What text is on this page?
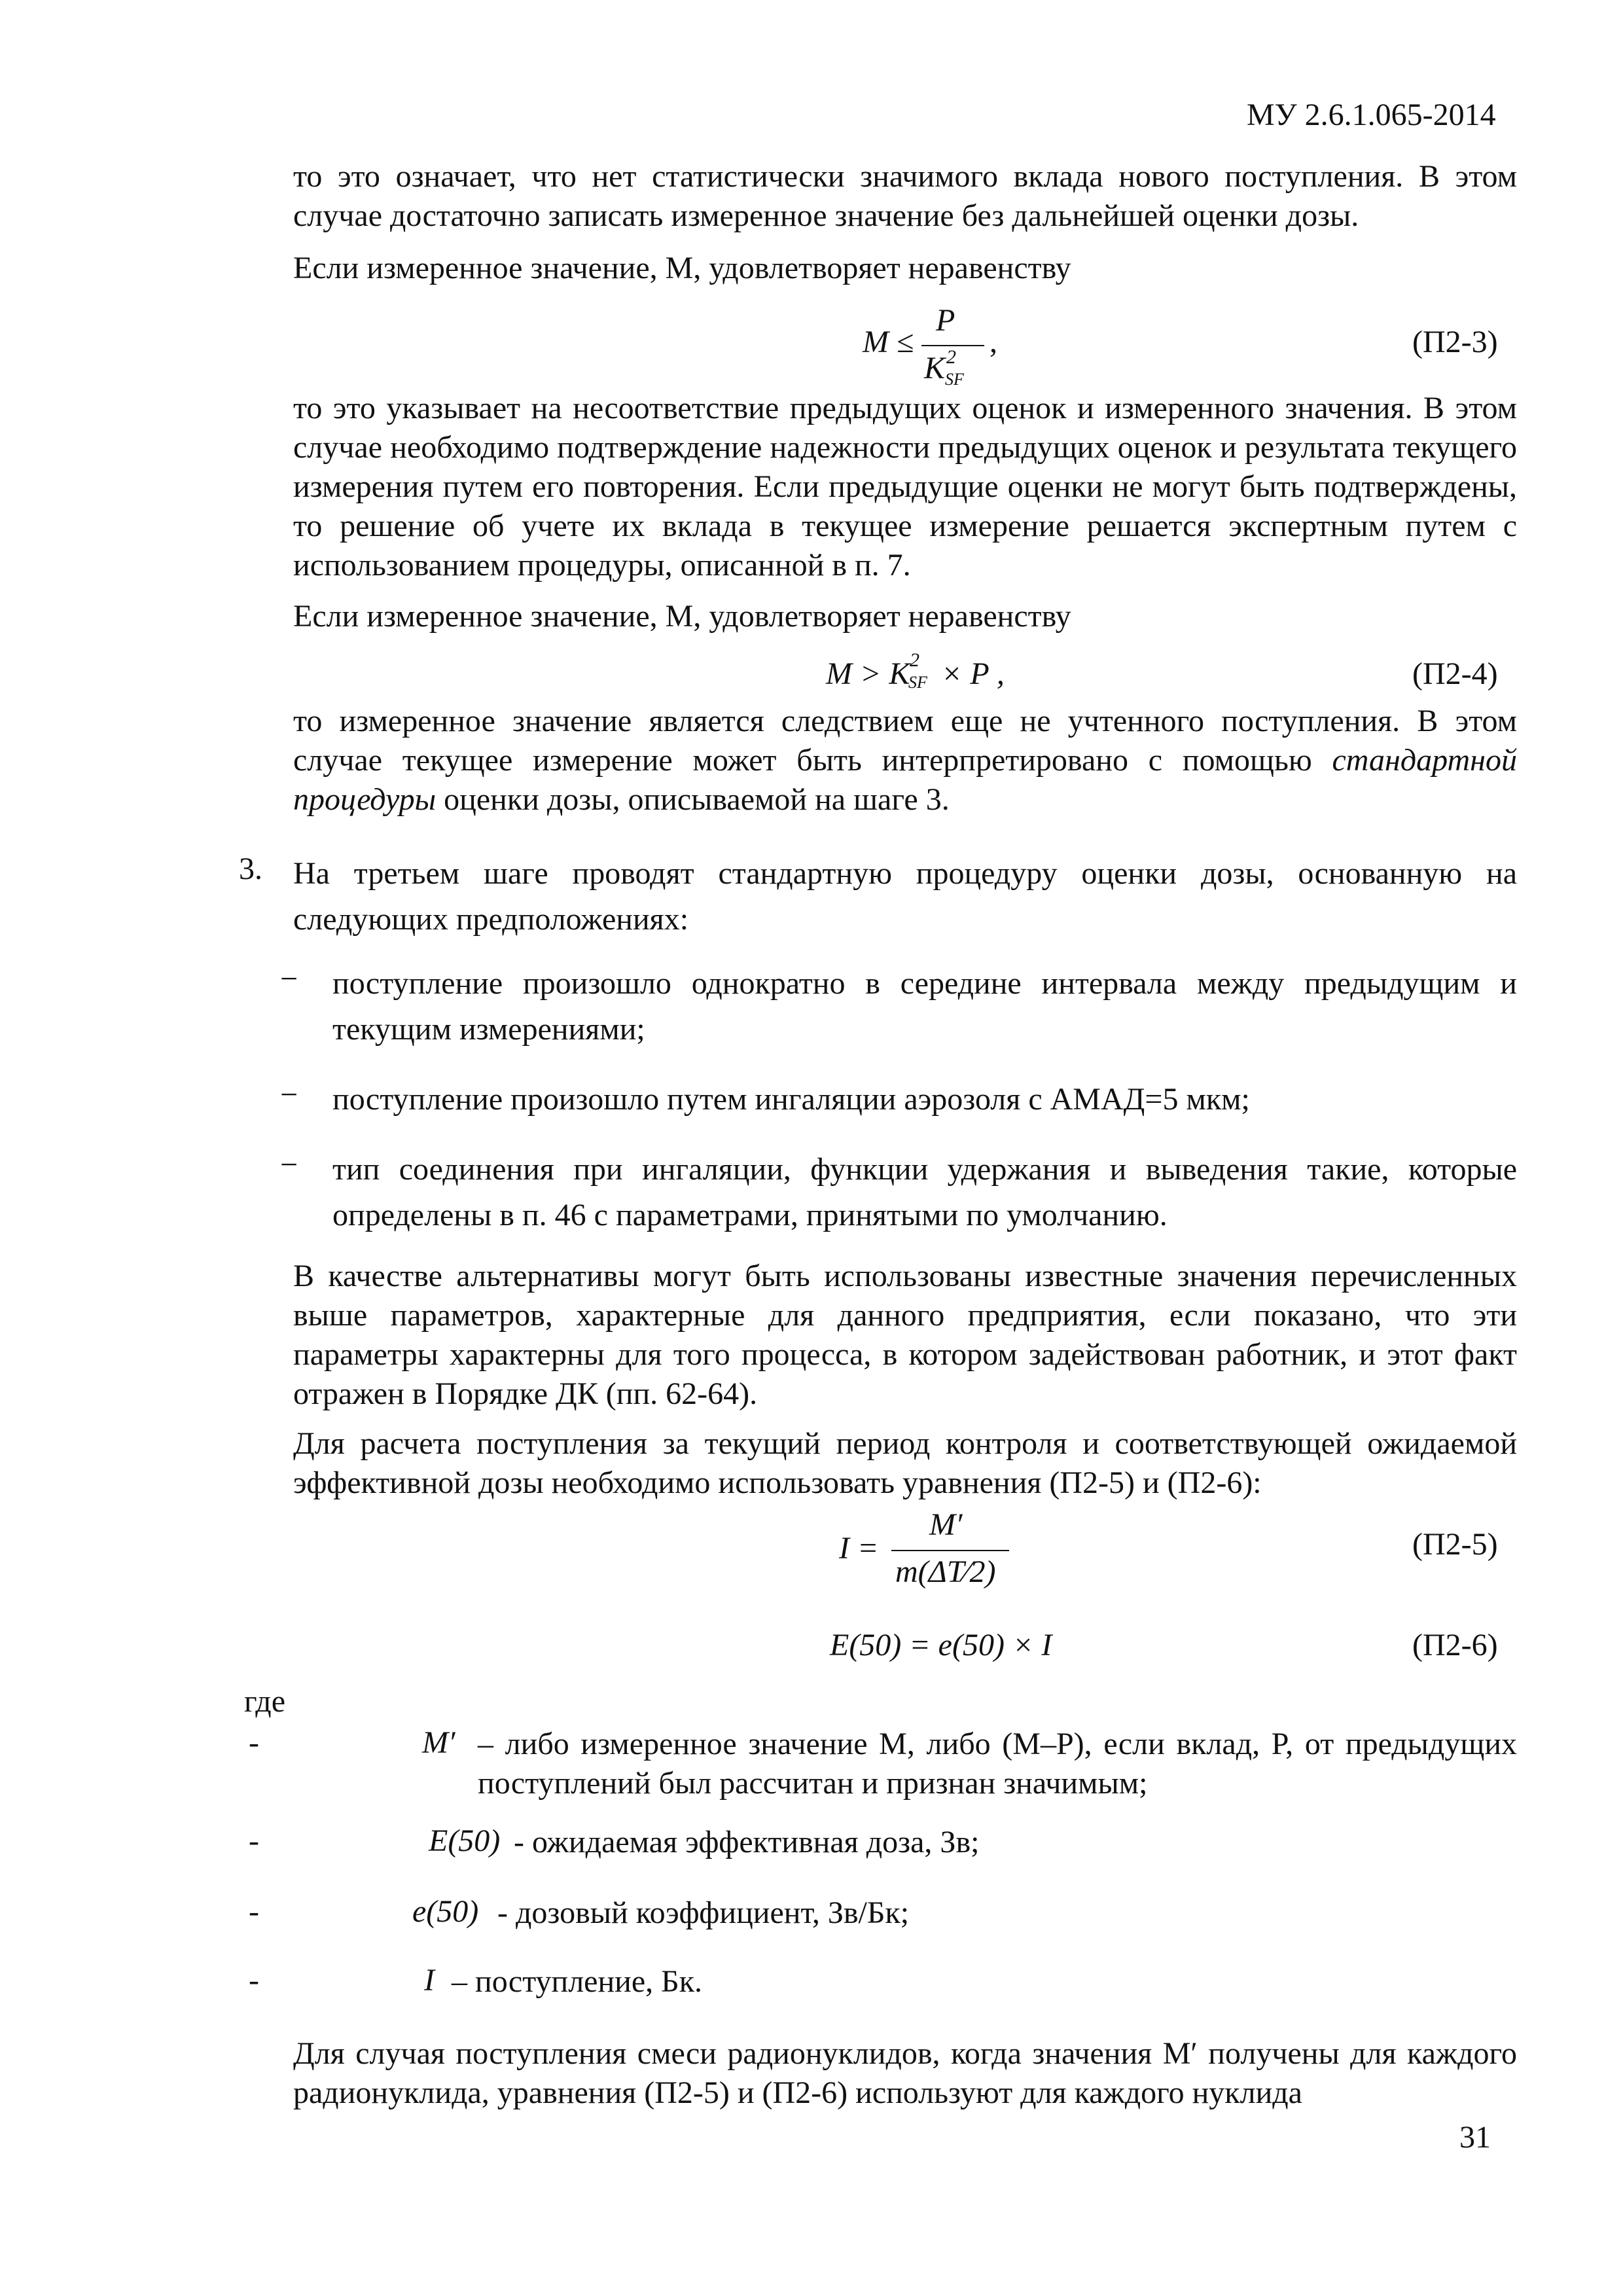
МУ 2.6.1.065-2014

то это означает, что нет статистически значимого вклада нового поступления. В этом случае достаточно записать измеренное значение без дальнейшей оценки дозы.

Если измеренное значение, М, удовлетворяет неравенству

M ≤
P
K 2
SF
,	(П2-3)

то это указывает на несоответствие предыдущих оценок и измеренного значения. В этом случае необходимо подтверждение надежности предыдущих оценок и результата текущего измерения путем его повторения. Если предыдущие оценки не могут быть подтверждены, то решение об учете их вклада в текущее измерение решается экспертным путем с использованием процедуры, описанной в п. 7.

Если измеренное значение, М, удовлетворяет неравенству

M > K 2
SF × P ,	(П2-4)

то измеренное значение является следствием еще не учтенного поступления. В этом случае текущее измерение может быть интерпретировано с помощью стандартной процедуры оценки дозы, описываемой на шаге 3.

3. На третьем шаге проводят стандартную процедуру оценки дозы, основанную на следующих предположениях:

− поступление произошло однократно в середине интервала между предыдущим и текущим измерениями;

− поступление произошло путем ингаляции аэрозоля с АМАД=5 мкм;

− тип соединения при ингаляции, функции удержания и выведения такие, которые определены в п. 46 с параметрами, принятыми по умолчанию.

В качестве альтернативы могут быть использованы известные значения перечисленных выше параметров, характерные для данного предприятия, если показано, что эти параметры характерны для того процесса, в котором задействован работник, и этот факт отражен в Порядке ДК (пп. 62-64).

Для расчета поступления за текущий период контроля и соответствующей ожидаемой эффективной дозы необходимо использовать уравнения (П2-5) и (П2-6):

I =
M′
m(ΔT⁄2)
(П2-5)
E(50) = e(50) × I	(П2-6)

где

-	M′ – либо измеренное значение M, либо (M–P), если вклад, P, от предыдущих поступлений был рассчитан и признан значимым;

-	E(50) - ожидаемая эффективная доза, Зв;

-	e(50) - дозовый коэффициент, Зв/Бк;

-	I – поступление, Бк.

Для случая поступления смеси радионуклидов, когда значения M′ получены для каждого радионуклида, уравнения (П2-5) и (П2-6) используют для каждого нуклида

31
